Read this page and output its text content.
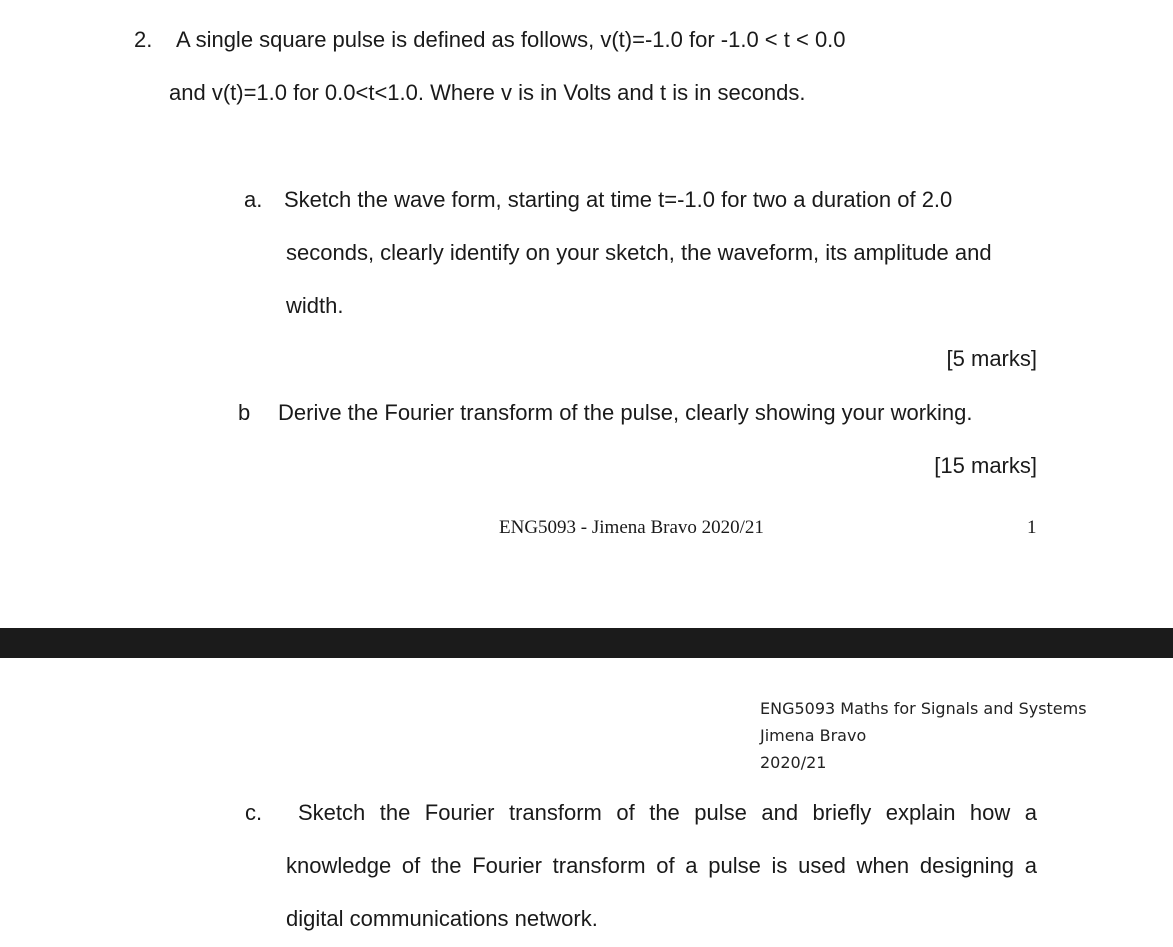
2. A single square pulse is defined as follows, v(t)=-1.0 for -1.0 < t < 0.0
and v(t)=1.0 for 0.0<t<1.0. Where v is in Volts and t is in seconds.
a. Sketch the wave form, starting at time t=-1.0 for two a duration of 2.0
seconds, clearly identify on your sketch, the waveform, its amplitude and
width.
[5 marks]
b Derive the Fourier transform of the pulse, clearly showing your working.
[15 marks]
ENG5093 - Jimena Bravo 2020/21	1
ENG5093 Maths for Signals and Systems
Jimena Bravo
2020/21
c. Sketch the Fourier transform of the pulse and briefly explain how a
knowledge of the Fourier transform of a pulse is used when designing a
digital communications network.
